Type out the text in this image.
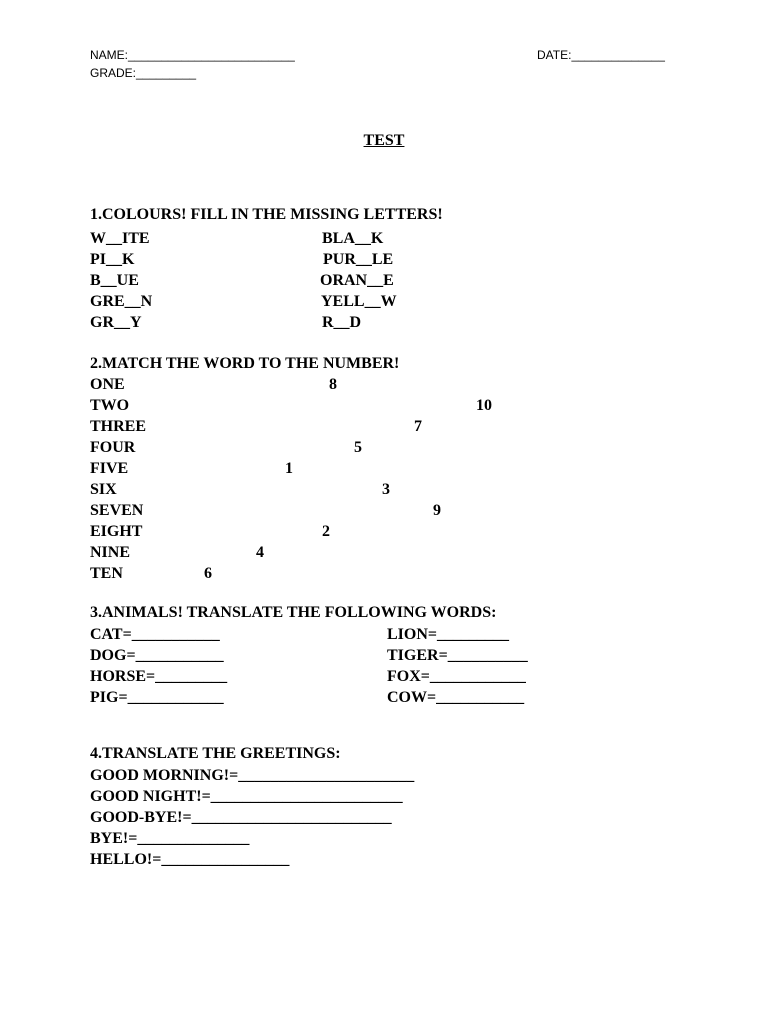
NAME:_________________________
GRADE:_________
DATE:______________
TEST
1.COLOURS! FILL IN THE MISSING LETTERS!
W__ITE
PI__K
B__UE
GRE__N
GR__Y
BLA__K
PUR__LE
ORAN__E
YELL__W
R__D
2.MATCH THE WORD TO THE NUMBER!
ONE
TWO
THREE
FOUR
FIVE
SIX
SEVEN
EIGHT
NINE
TEN
8
10
7
5
1
3
9
2
4
6
3.ANIMALS! TRANSLATE THE FOLLOWING WORDS:
CAT=___________
DOG=___________
HORSE=_________
PIG=____________
LION=_________
TIGER=__________
FOX=____________
COW=___________
4.TRANSLATE THE GREETINGS:
GOOD MORNING!=______________________
GOOD NIGHT!=________________________
GOOD-BYE!=_________________________
BYE!=______________
HELLO!=________________
